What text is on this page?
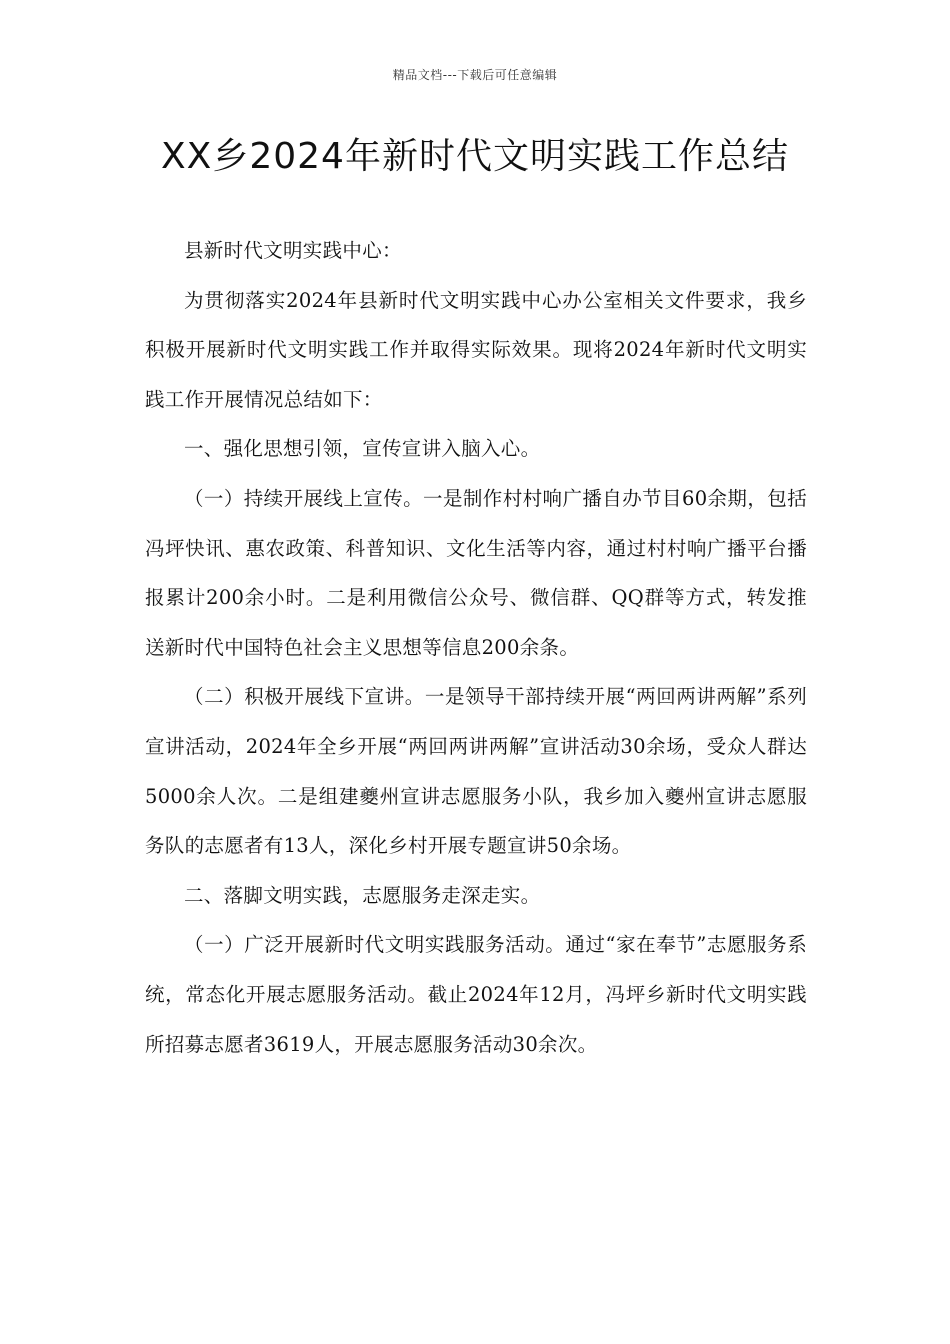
精品文档---下载后可任意编辑
XX乡2024年新时代文明实践工作总结

县新时代文明实践中心：

为贯彻落实2024年县新时代文明实践中心办公室相关文件要求，我乡积极开展新时代文明实践工作并取得实际效果。现将2024年新时代文明实践工作开展情况总结如下：

一、强化思想引领，宣传宣讲入脑入心。

（一）持续开展线上宣传。一是制作村村响广播自办节目60余期，包括冯坪快讯、惠农政策、科普知识、文化生活等内容，通过村村响广播平台播报累计200余小时。二是利用微信公众号、微信群、QQ群等方式，转发推送新时代中国特色社会主义思想等信息200余条。

（二）积极开展线下宣讲。一是领导干部持续开展“两回两讲两解”系列宣讲活动，2024年全乡开展“两回两讲两解”宣讲活动30余场，受众人群达5000余人次。二是组建夔州宣讲志愿服务小队，我乡加入夔州宣讲志愿服务队的志愿者有13人，深化乡村开展专题宣讲50余场。

二、落脚文明实践，志愿服务走深走实。

（一）广泛开展新时代文明实践服务活动。通过“家在奉节”志愿服务系统，常态化开展志愿服务活动。截止2024年12月，冯坪乡新时代文明实践所招募志愿者3619人，开展志愿服务活动30余次。
